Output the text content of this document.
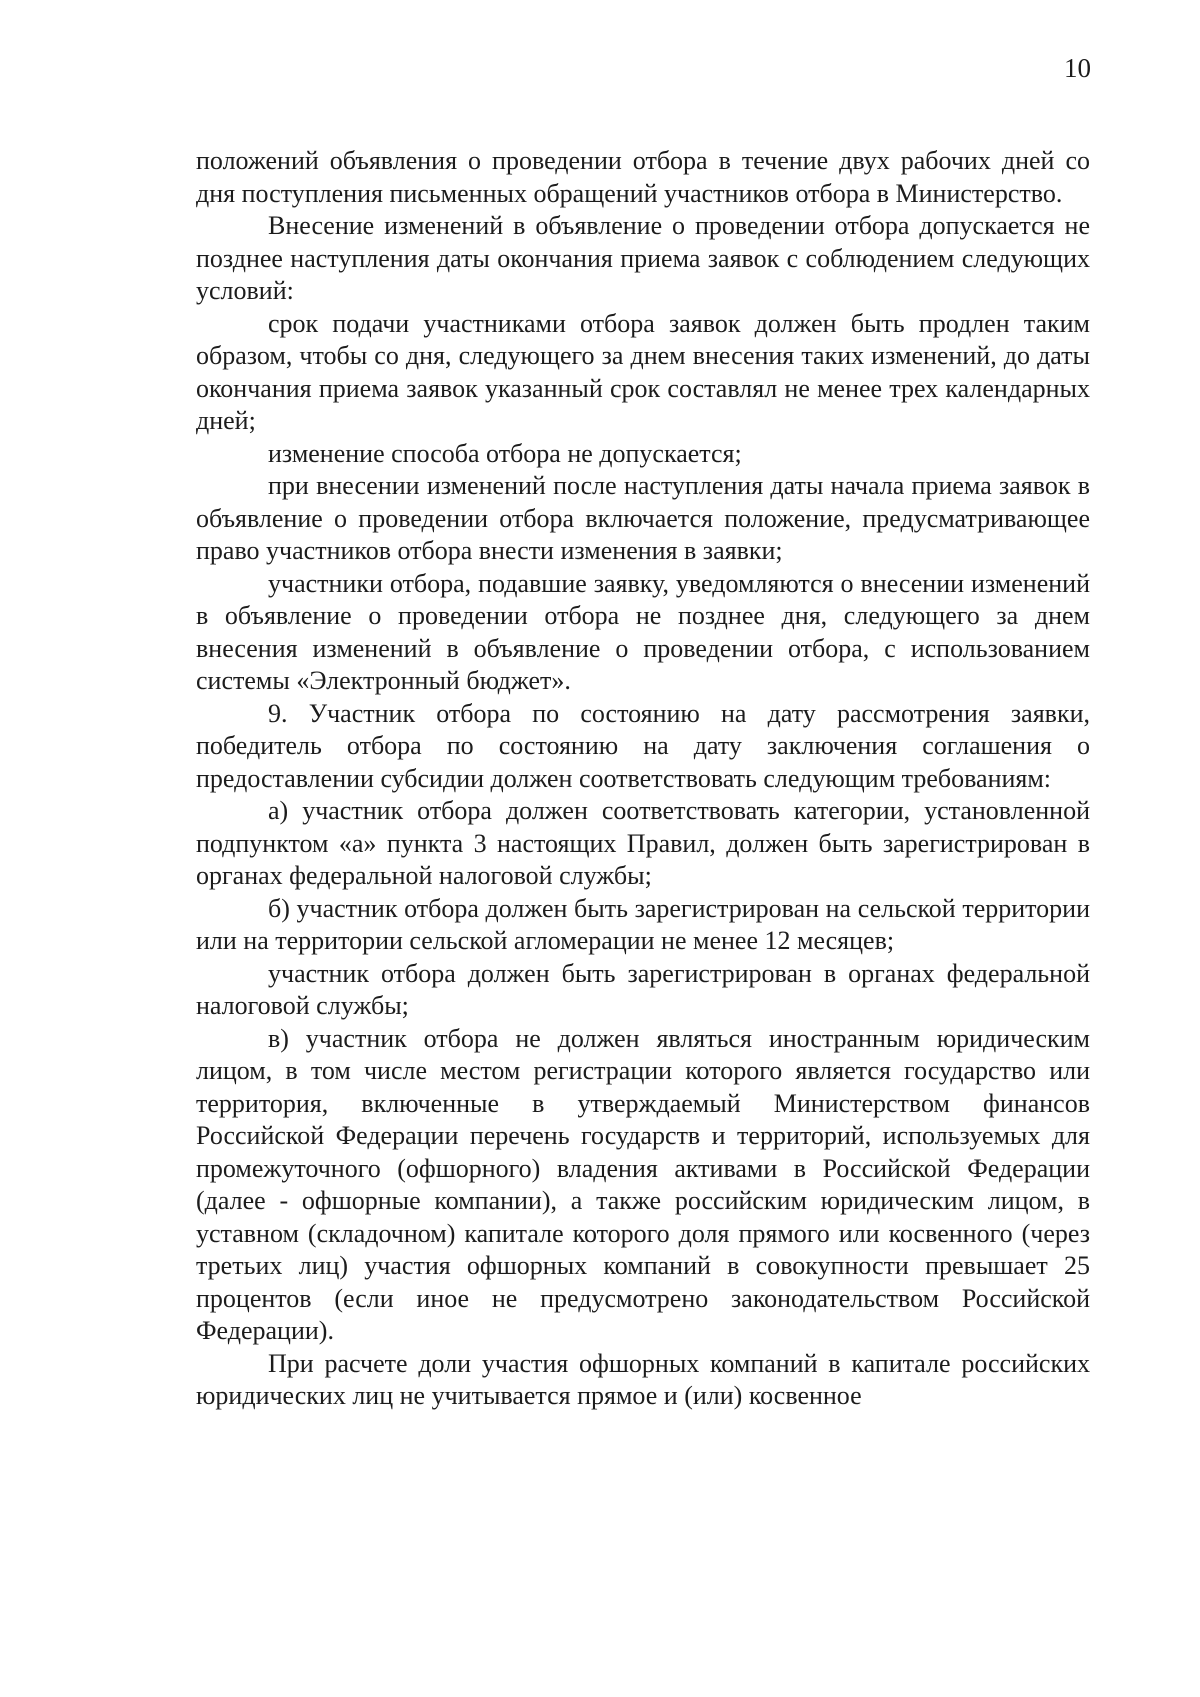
10

положений объявления о проведении отбора в течение двух рабочих дней со дня поступления письменных обращений участников отбора в Министерство.

Внесение изменений в объявление о проведении отбора допускается не позднее наступления даты окончания приема заявок с соблюдением следующих условий:

срок подачи участниками отбора заявок должен быть продлен таким образом, чтобы со дня, следующего за днем внесения таких изменений, до даты окончания приема заявок указанный срок составлял не менее трех календарных дней;

изменение способа отбора не допускается;

при внесении изменений после наступления даты начала приема заявок в объявление о проведении отбора включается положение, предусматривающее право участников отбора внести изменения в заявки;

участники отбора, подавшие заявку, уведомляются о внесении изменений в объявление о проведении отбора не позднее дня, следующего за днем внесения изменений в объявление о проведении отбора, с использованием системы «Электронный бюджет».

9. Участник отбора по состоянию на дату рассмотрения заявки, победитель отбора по состоянию на дату заключения соглашения о предоставлении субсидии должен соответствовать следующим требованиям:

а) участник отбора должен соответствовать категории, установленной подпунктом «а» пункта 3 настоящих Правил, должен быть зарегистрирован в органах федеральной налоговой службы;

б) участник отбора должен быть зарегистрирован на сельской территории или на территории сельской агломерации не менее 12 месяцев;

участник отбора должен быть зарегистрирован в органах федеральной налоговой службы;

в) участник отбора не должен являться иностранным юридическим лицом, в том числе местом регистрации которого является государство или территория, включенные в утверждаемый Министерством финансов Российской Федерации перечень государств и территорий, используемых для промежуточного (офшорного) владения активами в Российской Федерации (далее - офшорные компании), а также российским юридическим лицом, в уставном (складочном) капитале которого доля прямого или косвенного (через третьих лиц) участия офшорных компаний в совокупности превышает 25 процентов (если иное не предусмотрено законодательством Российской Федерации).

При расчете доли участия офшорных компаний в капитале российских юридических лиц не учитывается прямое и (или) косвенное
